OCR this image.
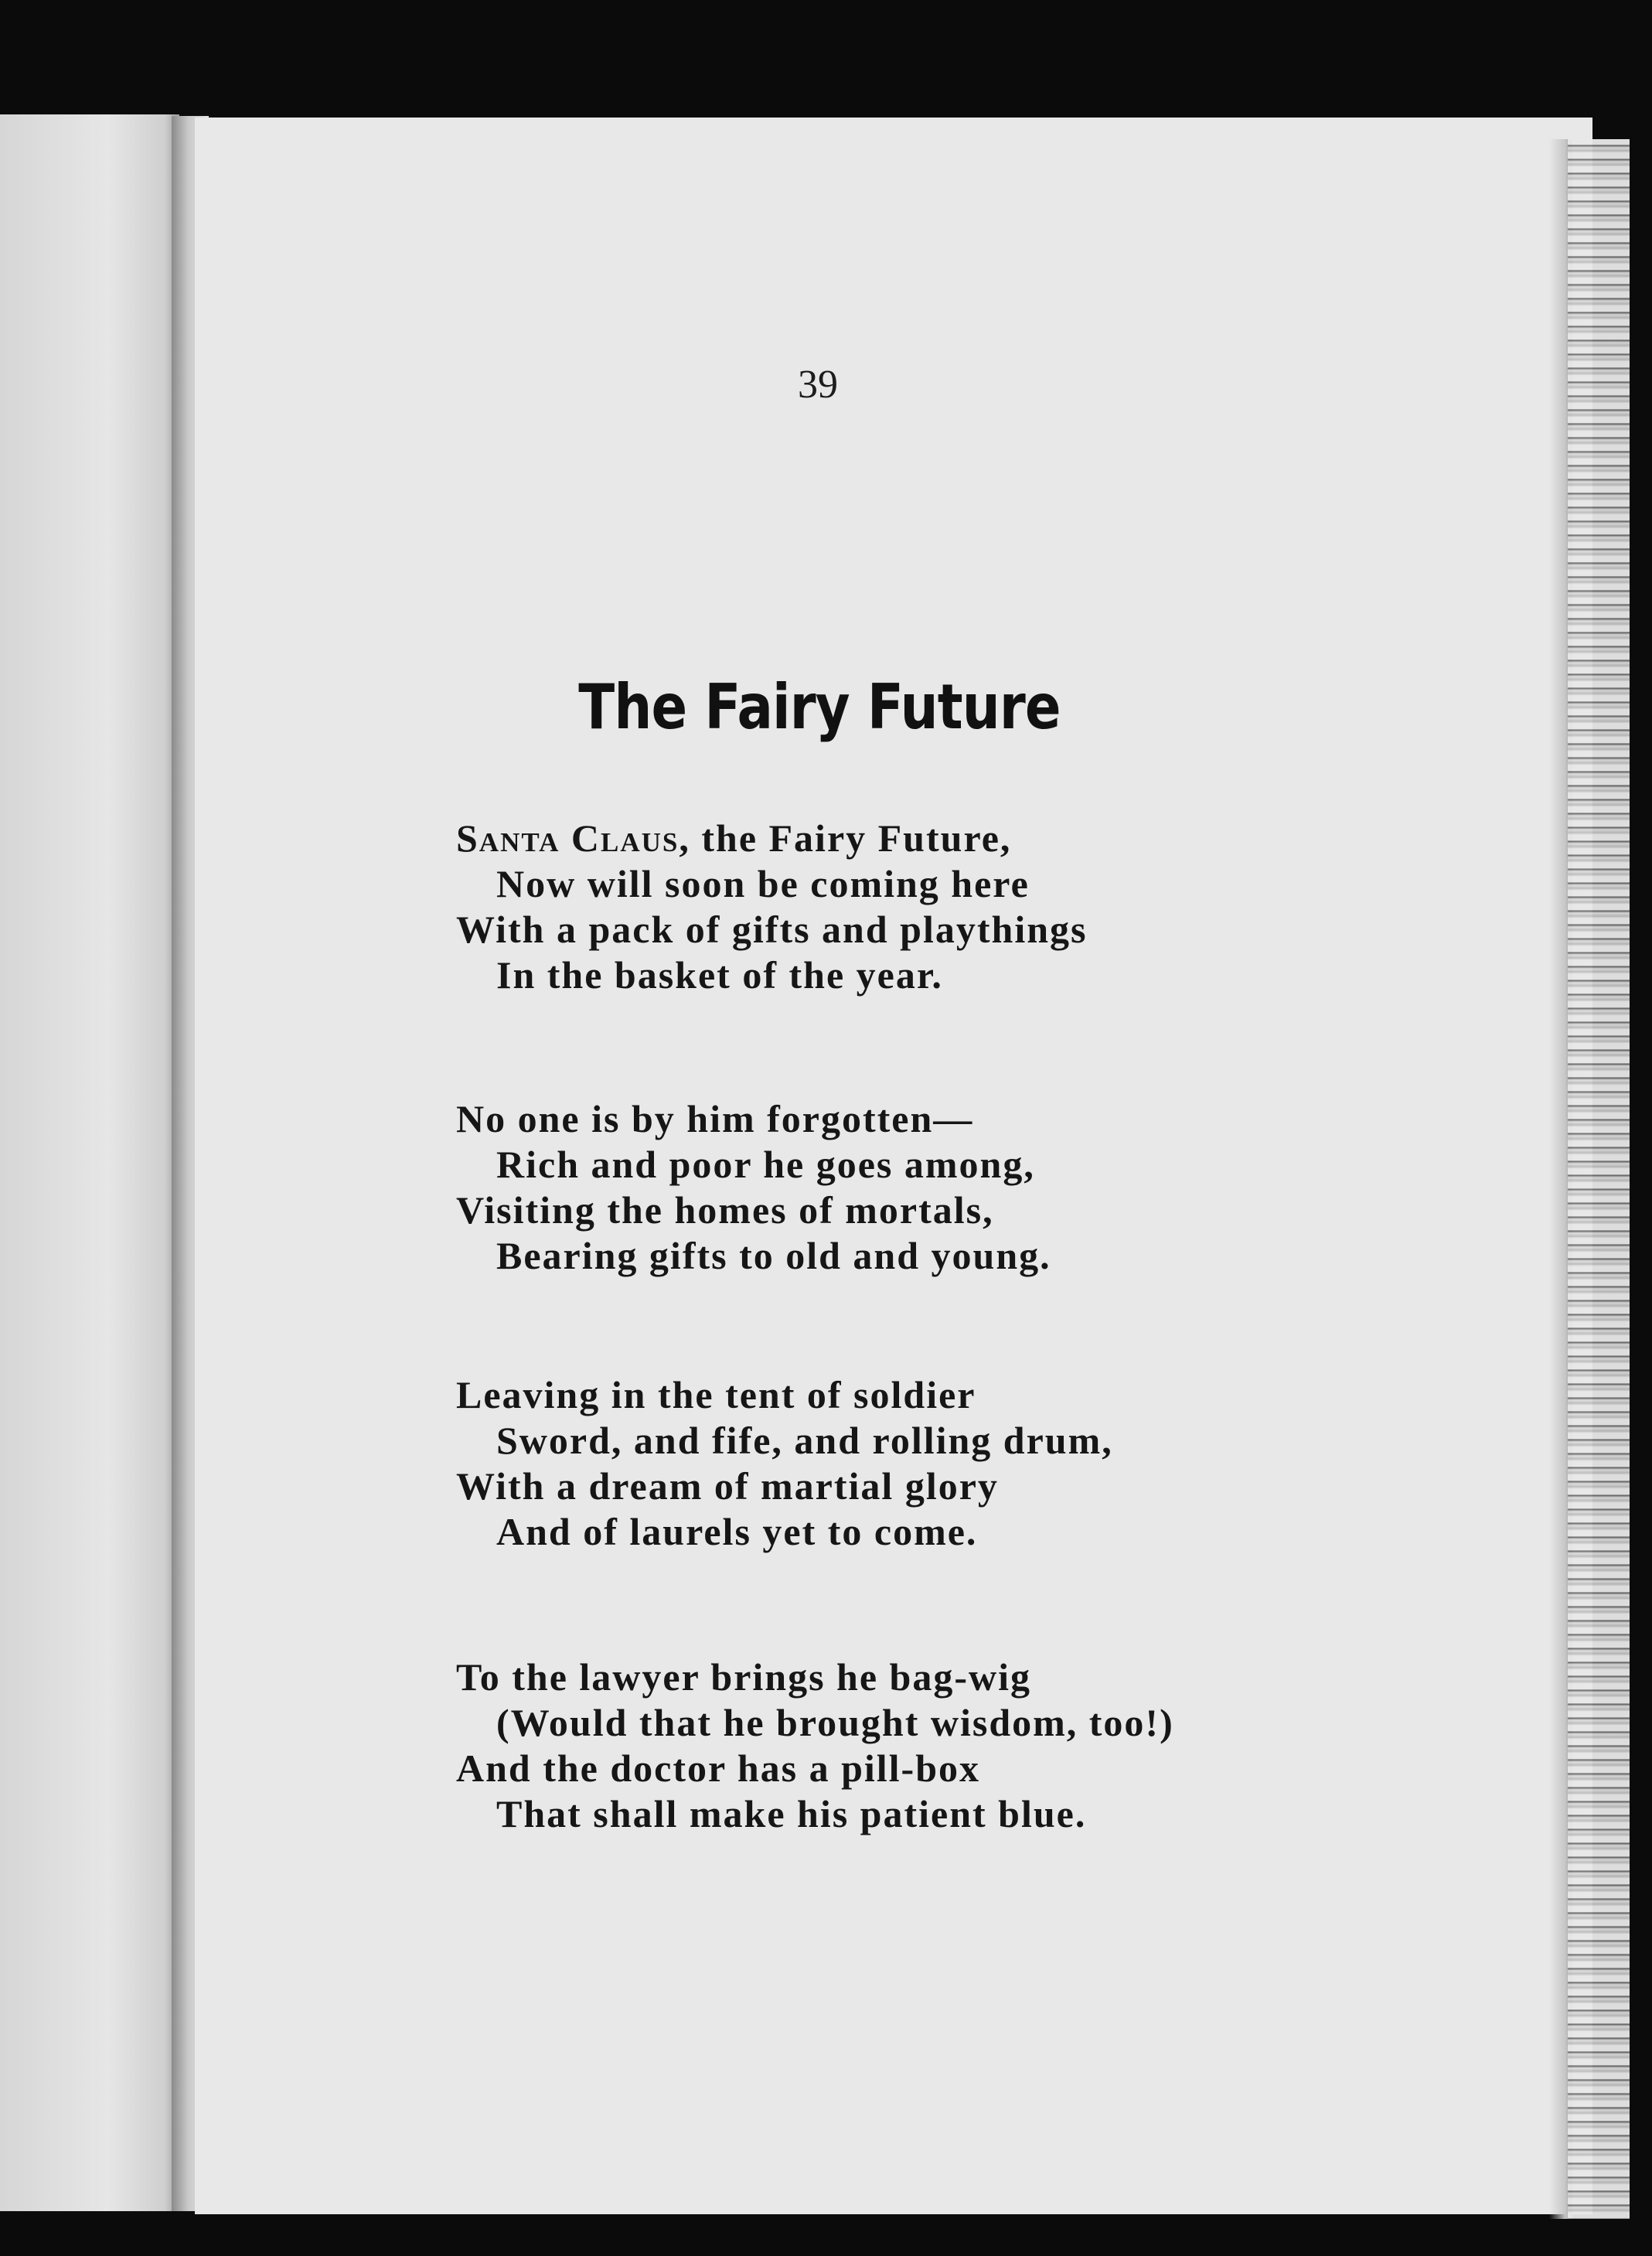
39
The Fairy Future
Santa Claus, the Fairy Future,
Now will soon be coming here
With a pack of gifts and playthings
In the basket of the year.
No one is by him forgotten—
Rich and poor he goes among,
Visiting the homes of mortals,
Bearing gifts to old and young.
Leaving in the tent of soldier
Sword, and fife, and rolling drum,
With a dream of martial glory
And of laurels yet to come.
To the lawyer brings he bag-wig
(Would that he brought wisdom, too!)
And the doctor has a pill-box
That shall make his patient blue.
